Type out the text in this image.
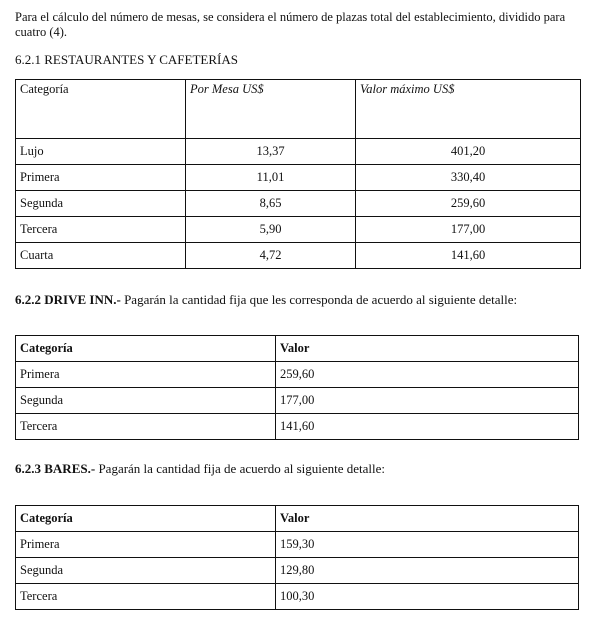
Para el cálculo del número de mesas, se considera el número de plazas total del establecimiento, dividido para cuatro (4).
6.2.1 RESTAURANTES Y CAFETERÍAS
Categoría	Por Mesa US$	Valor máximo US$
Lujo	13,37	401,20
Primera	11,01	330,40
Segunda	8,65	259,60
Tercera	5,90	177,00
Cuarta	4,72	141,60
6.2.2 DRIVE INN.- Pagarán la cantidad fija que les corresponda de acuerdo al siguiente detalle:
Categoría	Valor
Primera	259,60
Segunda	177,00
Tercera	141,60
6.2.3 BARES.- Pagarán la cantidad fija de acuerdo al siguiente detalle:
Categoría	Valor
Primera	159,30
Segunda	129,80
Tercera	100,30
